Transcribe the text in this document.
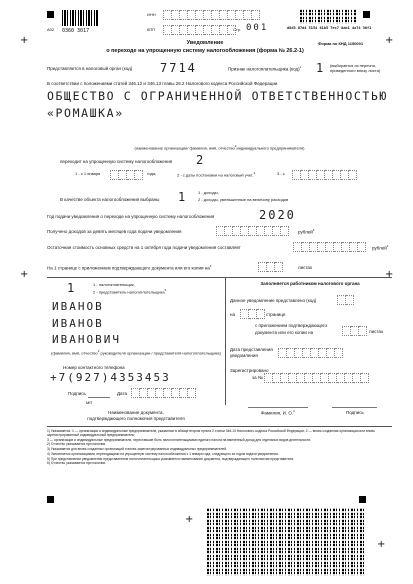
+	+
+	+
+
+
A02 0360 3017
ИНН
КПП	Стр. 001	d8d3 87d4 5154 81b5 7ec7 8ab1 4a74 36f2
Форма по КНД 1150001
Уведомление
о переходе на упрощенную систему налогообложения (форма № 26.2-1)
Представляется в налоговый орган (код) 7714	Признак налогоплательщика (код)$^1$ 1 (выбирается из перечня, приведенного внизу листа)
В соответствии с положениями статей 346.12 и 346.13 главы 26.2 Налогового кодекса Российской Федерации
ОБЩЕСТВО С ОГРАНИЧЕННОЙ ОТВЕТСТВЕННОСТЬЮ
«РОМАШКА»
(наименование организации/ фамилия, имя, отчество$^2$индивидуального предпринимателя)
переходит на упрощенную систему налогообложения 2
1 - с 1 января	года,	2 - с даты постановки на налоговый учет,$^3$	3 - с
В качестве объекта налогообложения выбраны 1	1 - доходы,
2 - доходы, уменьшенные на величину расходов
Год подачи уведомления о переходе на упрощенную систему налогообложения	2020
Получено доходов за девять месяцев года подачи уведомления	рублей$^4$
Остаточная стоимость основных средств на 1 октября года подачи уведомления составляет	рублей$^4$
На 1 странице с приложением подтверждающего документа или его копии $на^4$	листах
1	1 - налогоплательщик,
2 - представитель налогоплательщика$^5$
ИВАНОВ
ИВАНОВ
ИВАНОВИЧ
(фамилия, имя, отчество$^2$ руководителя организации / представителя налогоплательщика)
Номер контактного телефона
+7(927)4353453
Подпись	Дата
МП
Наименование документа,
подтверждающего полномочия представителя
Заполняется работником налогового органа
Данное уведомление представлено (код)
на	странице
с приложением подтверждающего
документа или его копии на	листах
Дата представления
уведомления
Зарегистрировано
за №
Фамилия, И. О.$^2$	Подпись
1) Указывается: 1 — организации и индивидуальные предприниматели, указанные в абзаце втором пункта 2 статьи 346.13 Налогового кодекса Российской Федерации; 2 — вновь созданная организация или вновь зарегистрированный индивидуальный предприниматель;
3 — организации и индивидуальные предприниматели, переставшие быть налогоплательщиками единого налога на вмененный доход для отдельных видов деятельности.
2) Отчество указывается при наличии.
3) Указывается для вновь созданных организаций и вновь зарегистрированных индивидуальных предпринимателей.
4) Заполняется организациями, переходящими на упрощенную систему налогообложения с 1 января года, следующего за годом подачи уведомления.
5) При представлении уведомления представителем налогоплательщика указывается наименование документа, подтверждающего полномочия представителя.
6) Отчество указывается при наличии.
